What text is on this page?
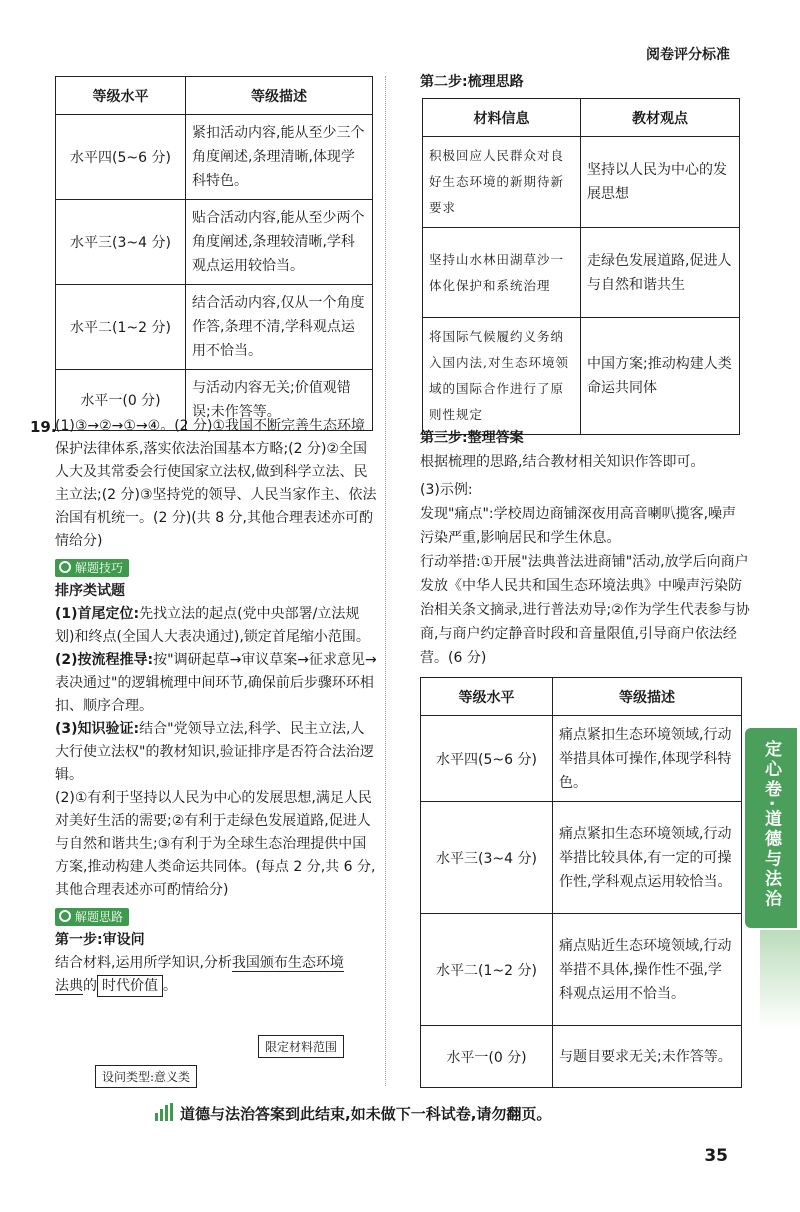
阅卷评分标准
等级水平	等级描述
水平四(5~6 分)	紧扣活动内容,能从至少三个角度阐述,条理清晰,体现学科特色。
水平三(3~4 分)	贴合活动内容,能从至少两个角度阐述,条理较清晰,学科观点运用较恰当。
水平二(1~2 分)	结合活动内容,仅从一个角度作答,条理不清,学科观点运用不恰当。
水平一(0 分)	与活动内容无关;价值观错误;未作答等。
19.

(1)③→②→①→④。(2 分)①我国不断完善生态环境保护法律体系,落实依法治国基本方略;(2 分)②全国人大及其常委会行使国家立法权,做到科学立法、民主立法;(2 分)③坚持党的领导、人民当家作主、依法治国有机统一。(2 分)(共 8 分,其他合理表述亦可酌情给分)

解题技巧

排序类试题

(1)首尾定位:先找立法的起点(党中央部署/立法规划)和终点(全国人大表决通过),锁定首尾缩小范围。

(2)按流程推导:按"调研起草→审议草案→征求意见→表决通过"的逻辑梳理中间环节,确保前后步骤环环相扣、顺序合理。

(3)知识验证:结合"党领导立法,科学、民主立法,人大行使立法权"的教材知识,验证排序是否符合法治逻辑。

(2)①有利于坚持以人民为中心的发展思想,满足人民对美好生活的需要;②有利于走绿色发展道路,促进人与自然和谐共生;③有利于为全球生态治理提供中国方案,推动构建人类命运共同体。(每点 2 分,共 6 分,其他合理表述亦可酌情给分)

解题思路

第一步:审设问

结合材料,运用所学知识,分析我国颁布生态环境
法典的 时代价值 。

限定材料范围
设问类型:意义类
第二步:梳理思路
材料信息	教材观点
积极回应人民群众对良好生态环境的新期待新要求	坚持以人民为中心的发展思想
坚持山水林田湖草沙一体化保护和系统治理	走绿色发展道路,促进人与自然和谐共生
将国际气候履约义务纳入国内法,对生态环境领域的国际合作进行了原则性规定	中国方案;推动构建人类命运共同体

第三步:整理答案

根据梳理的思路,结合教材相关知识作答即可。

(3)示例:

发现"痛点":学校周边商铺深夜用高音喇叭揽客,噪声污染严重,影响居民和学生休息。

行动举措:①开展"法典普法进商铺"活动,放学后向商户发放《中华人民共和国生态环境法典》中噪声污染防治相关条文摘录,进行普法劝导;②作为学生代表参与协商,与商户约定静音时段和音量限值,引导商户依法经营。(6 分)

等级水平	等级描述
水平四(5~6 分)	痛点紧扣生态环境领域,行动举措具体可操作,体现学科特色。
水平三(3~4 分)	痛点紧扣生态环境领域,行动举措比较具体,有一定的可操作性,学科观点运用较恰当。
水平二(1~2 分)	痛点贴近生态环境领域,行动举措不具体,操作性不强,学科观点运用不恰当。
水平一(0 分)	与题目要求无关;未作答等。
定心卷·道德与法治
道德与法治答案到此结束,如未做下一科试卷,请勿翻页。
35
